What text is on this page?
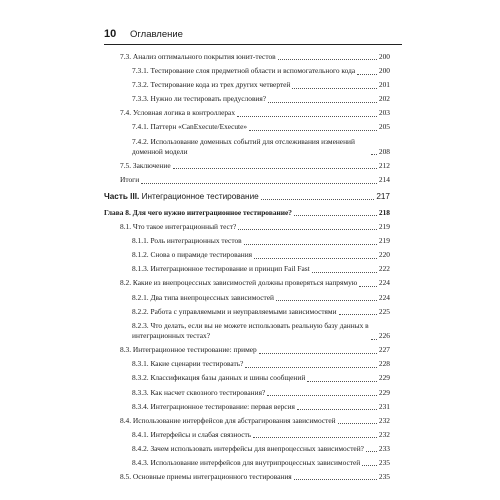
10 Оглавление
7.3. Анализ оптимального покрытия юнит-тестов	200
7.3.1. Тестирование слоя предметной области и вспомогательного кода	200
7.3.2. Тестирование кода из трех других четвертей	201
7.3.3. Нужно ли тестировать предусловия?	202
7.4. Условная логика в контроллерах	203
7.4.1. Паттерн «CanExecute/Execute»	205
7.4.2. Использование доменных событий для отслеживания изменений доменной модели	208
7.5. Заключение	212
Итоги	214
Часть III. Интеграционное тестирование	217
Глава 8. Для чего нужно интеграционное тестирование?	218
8.1. Что такое интеграционный тест?	219
8.1.1. Роль интеграционных тестов	219
8.1.2. Снова о пирамиде тестирования	220
8.1.3. Интеграционное тестирование и принцип Fail Fast	222
8.2. Какие из внепроцессных зависимостей должны проверяться напрямую	224
8.2.1. Два типа внепроцессных зависимостей	224
8.2.2. Работа с управляемыми и неуправляемыми зависимостями	225
8.2.3. Что делать, если вы не можете использовать реальную базу данных в интеграционных тестах?	226
8.3. Интеграционное тестирование: пример	227
8.3.1. Какие сценарии тестировать?	228
8.3.2. Классификация базы данных и шины сообщений	229
8.3.3. Как насчет сквозного тестирования?	229
8.3.4. Интеграционное тестирование: первая версия	231
8.4. Использование интерфейсов для абстрагирования зависимостей	232
8.4.1. Интерфейсы и слабая связность	232
8.4.2. Зачем использовать интерфейсы для внепроцессных зависимостей? 233
8.4.3. Использование интерфейсов для внутрипроцессных зависимостей	235
8.5. Основные приемы интеграционного тестирования	235
